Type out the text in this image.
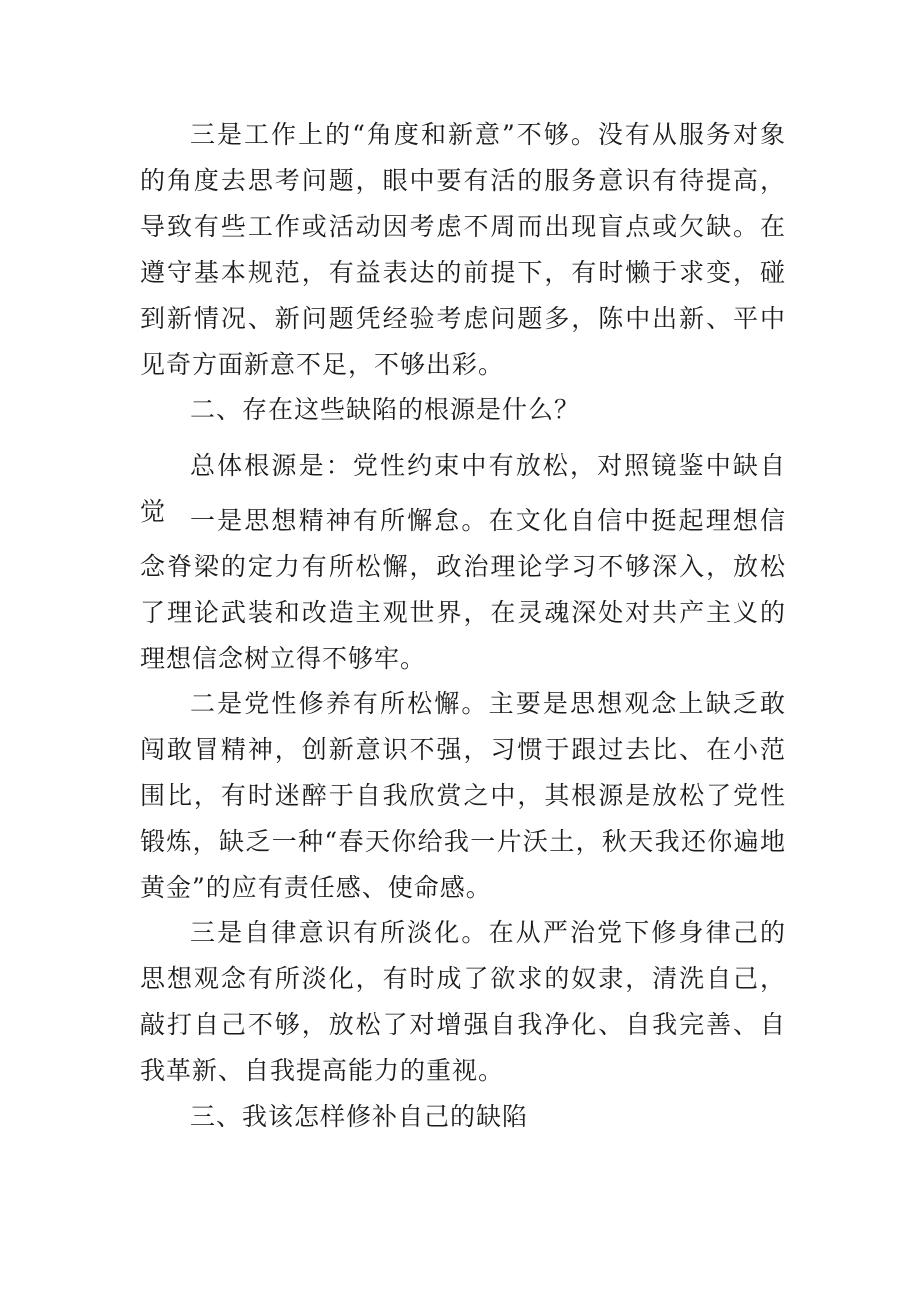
三是工作上的“角度和新意”不够。没有从服务对象的角度去思考问题，眼中要有活的服务意识有待提高，导致有些工作或活动因考虑不周而出现盲点或欠缺。在遵守基本规范，有益表达的前提下，有时懒于求变，碰到新情况、新问题凭经验考虑问题多，陈中出新、平中见奇方面新意不足，不够出彩。

二、存在这些缺陷的根源是什么？

总体根源是：党性约束中有放松，对照镜鉴中缺自觉 一是思想精神有所懈怠。在文化自信中挺起理想信念脊梁的定力有所松懈，政治理论学习不够深入，放松了理论武装和改造主观世界，在灵魂深处对共产主义的理想信念树立得不够牢。

二是党性修养有所松懈。主要是思想观念上缺乏敢闯敢冒精神，创新意识不强，习惯于跟过去比、在小范围比，有时迷醉于自我欣赏之中，其根源是放松了党性锻炼，缺乏一种“春天你给我一片沃土，秋天我还你遍地黄金”的应有责任感、使命感。

三是自律意识有所淡化。在从严治党下修身律己的思想观念有所淡化，有时成了欲求的奴隶，清洗自己，敲打自己不够，放松了对增强自我净化、自我完善、自我革新、自我提高能力的重视。

三、我该怎样修补自己的缺陷
